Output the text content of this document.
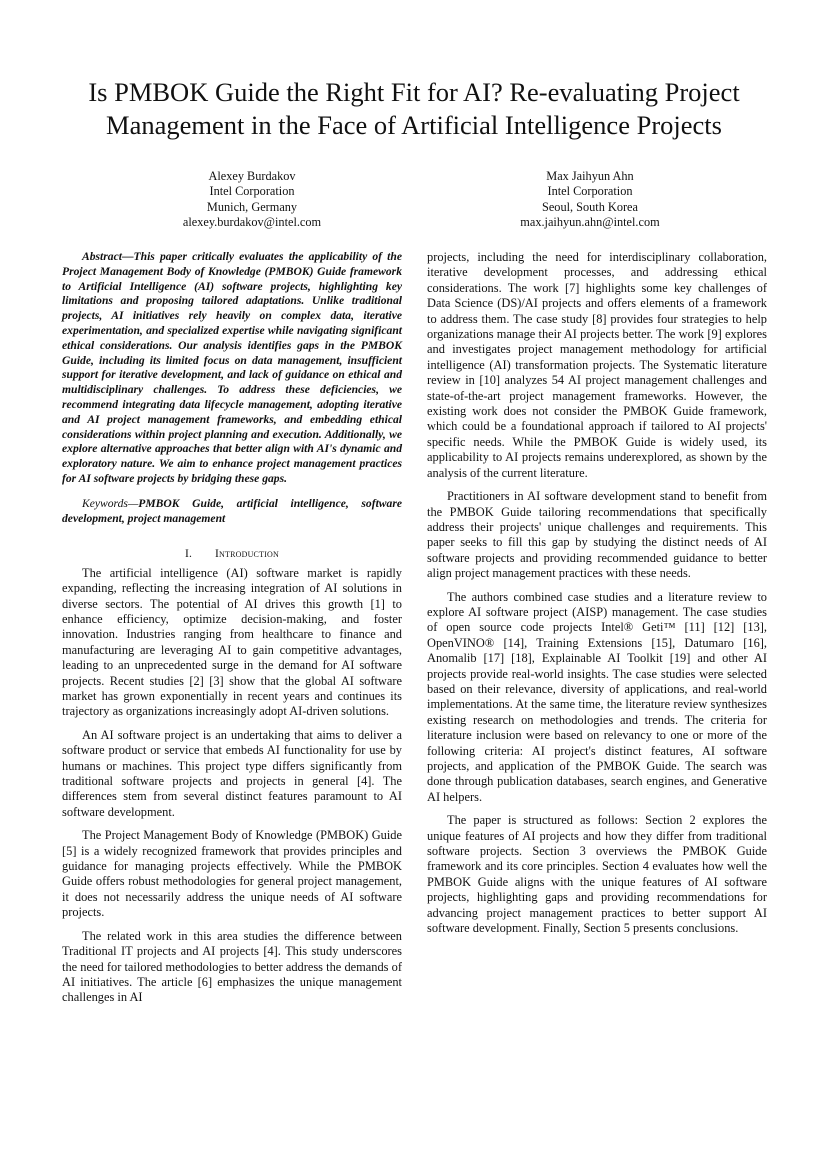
Is PMBOK Guide the Right Fit for AI? Re-evaluating Project Management in the Face of Artificial Intelligence Projects
Alexey Burdakov
Intel Corporation
Munich, Germany
alexey.burdakov@intel.com
Max Jaihyun Ahn
Intel Corporation
Seoul, South Korea
max.jaihyun.ahn@intel.com

Abstract—This paper critically evaluates the applicability of the Project Management Body of Knowledge (PMBOK) Guide framework to Artificial Intelligence (AI) software projects, highlighting key limitations and proposing tailored adaptations. Unlike traditional projects, AI initiatives rely heavily on complex data, iterative experimentation, and specialized expertise while navigating significant ethical considerations. Our analysis identifies gaps in the PMBOK Guide, including its limited focus on data management, insufficient support for iterative development, and lack of guidance on ethical and multidisciplinary challenges. To address these deficiencies, we recommend integrating data lifecycle management, adopting iterative and AI project management frameworks, and embedding ethical considerations within project planning and execution. Additionally, we explore alternative approaches that better align with AI's dynamic and exploratory nature. We aim to enhance project management practices for AI software projects by bridging these gaps.

Keywords—PMBOK Guide, artificial intelligence, software development, project management

I. Introduction

The artificial intelligence (AI) software market is rapidly expanding, reflecting the increasing integration of AI solutions in diverse sectors. The potential of AI drives this growth [1] to enhance efficiency, optimize decision-making, and foster innovation. Industries ranging from healthcare to finance and manufacturing are leveraging AI to gain competitive advantages, leading to an unprecedented surge in the demand for AI software projects. Recent studies [2] [3] show that the global AI software market has grown exponentially in recent years and continues its trajectory as organizations increasingly adopt AI-driven solutions.

An AI software project is an undertaking that aims to deliver a software product or service that embeds AI functionality for use by humans or machines. This project type differs significantly from traditional software projects and projects in general [4]. The differences stem from several distinct features paramount to AI software development.

The Project Management Body of Knowledge (PMBOK) Guide [5] is a widely recognized framework that provides principles and guidance for managing projects effectively. While the PMBOK Guide offers robust methodologies for general project management, it does not necessarily address the unique needs of AI software projects.

The related work in this area studies the difference between Traditional IT projects and AI projects [4]. This study underscores the need for tailored methodologies to better address the demands of AI initiatives. The article [6] emphasizes the unique management challenges in AI

projects, including the need for interdisciplinary collaboration, iterative development processes, and addressing ethical considerations. The work [7] highlights some key challenges of Data Science (DS)/AI projects and offers elements of a framework to address them. The case study [8] provides four strategies to help organizations manage their AI projects better. The work [9] explores and investigates project management methodology for artificial intelligence (AI) transformation projects. The Systematic literature review in [10] analyzes 54 AI project management challenges and state-of-the-art project management frameworks. However, the existing work does not consider the PMBOK Guide framework, which could be a foundational approach if tailored to AI projects' specific needs. While the PMBOK Guide is widely used, its applicability to AI projects remains underexplored, as shown by the analysis of the current literature.

Practitioners in AI software development stand to benefit from the PMBOK Guide tailoring recommendations that specifically address their projects' unique challenges and requirements. This paper seeks to fill this gap by studying the distinct needs of AI software projects and providing recommended guidance to better align project management practices with these needs.

The authors combined case studies and a literature review to explore AI software project (AISP) management. The case studies of open source code projects Intel® Geti™ [11] [12] [13], OpenVINO® [14], Training Extensions [15], Datumaro [16], Anomalib [17] [18], Explainable AI Toolkit [19] and other AI projects provide real-world insights. The case studies were selected based on their relevance, diversity of applications, and real-world implementations. At the same time, the literature review synthesizes existing research on methodologies and trends. The criteria for literature inclusion were based on relevancy to one or more of the following criteria: AI project's distinct features, AI software projects, and application of the PMBOK Guide. The search was done through publication databases, search engines, and Generative AI helpers.

The paper is structured as follows: Section 2 explores the unique features of AI projects and how they differ from traditional software projects. Section 3 overviews the PMBOK Guide framework and its core principles. Section 4 evaluates how well the PMBOK Guide aligns with the unique features of AI software projects, highlighting gaps and providing recommendations for advancing project management practices to better support AI software development. Finally, Section 5 presents conclusions.
